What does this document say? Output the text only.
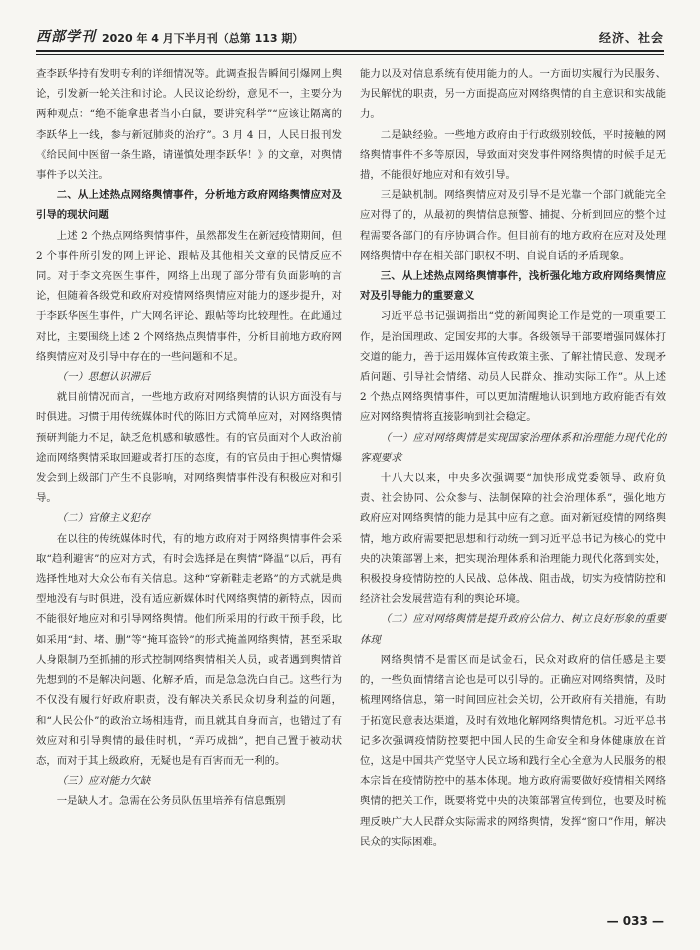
西部学刊 2020 年 4 月下半月刊（总第 113 期）	经济、社会

查李跃华持有发明专利的详细情况等。此调查报告瞬间引爆网上舆论，引发新一轮关注和讨论。人民议论纷纷，意见不一，主要分为两种观点：“绝不能拿患者当小白鼠，要讲究科学”“应该让隔离的李跃华上一线，参与新冠肺炎的治疗”。3 月 4 日，人民日报刊发《给民间中医留一条生路，请谨慎处理李跃华！》的文章，对舆情事件予以关注。

二、从上述热点网络舆情事件，分析地方政府网络舆情应对及引导的现状问题

上述 2 个热点网络舆情事件，虽然都发生在新冠疫情期间，但 2 个事件所引发的网上评论、跟帖及其他相关文章的民情反应不同。对于李文亮医生事件，网络上出现了部分带有负面影响的言论，但随着各级党和政府对疫情网络舆情应对能力的逐步提升，对于李跃华医生事件，广大网名评论、跟帖等均比较理性。在此通过对比，主要围绕上述 2 个网络热点舆情事件，分析目前地方政府网络舆情应对及引导中存在的一些问题和不足。

（一）思想认识滞后

就目前情况而言，一些地方政府对网络舆情的认识方面没有与时俱进。习惯于用传统媒体时代的陈旧方式简单应对，对网络舆情预研判能力不足，缺乏危机感和敏感性。有的官员面对个人政治前途而网络舆情采取回避或者打压的态度，有的官员由于担心舆情爆发会到上级部门产生不良影响，对网络舆情事件没有积极应对和引导。

（二）官僚主义犯存

在以往的传统媒体时代，有的地方政府对于网络舆情事件会采取“趋利避害”的应对方式，有时会选择是在舆情“降温”以后，再有选择性地对大众公布有关信息。这种“穿新鞋走老路”的方式就是典型地没有与时俱进，没有适应新媒体时代网络舆情的新特点，因而不能很好地应对和引导网络舆情。他们所采用的行政干预手段，比如采用“封、堵、删”等“掩耳盗铃”的形式掩盖网络舆情，甚至采取人身限制乃至抓捕的形式控制网络舆情相关人员，或者遇到舆情首先想到的不是解决问题、化解矛盾，而是急急洗白自己。这些行为不仅没有履行好政府职责，没有解决关系民众切身利益的问题，和“人民公仆”的政治立场相违背，而且就其自身而言，也错过了有效应对和引导舆情的最佳时机，“弄巧成拙”，把自己置于被动状态，而对于其上级政府，无疑也是有百害而无一利的。

（三）应对能力欠缺

一是缺人才。急需在公务员队伍里培养有信息甄别

能力以及对信息系统有使用能力的人。一方面切实履行为民服务、为民解忧的职责，另一方面提高应对网络舆情的自主意识和实战能力。

二是缺经验。一些地方政府由于行政级别较低，平时接触的网络舆情事件不多等原因，导致面对突发事件网络舆情的时候手足无措，不能很好地应对和有效引导。

三是缺机制。网络舆情应对及引导不是光靠一个部门就能完全应对得了的，从最初的舆情信息预警、捕捉、分析到回应的整个过程需要各部门的有序协调合作。但目前有的地方政府在应对及处理网络舆情中存在相关部门职权不明、自说自话的矛盾现象。

三、从上述热点网络舆情事件，浅析强化地方政府网络舆情应对及引导能力的重要意义

习近平总书记强调指出“党的新闻舆论工作是党的一项重要工作，是治国理政、定国安邦的大事。各级领导干部要增强同媒体打交道的能力，善于运用媒体宣传政策主张、了解社情民意、发现矛盾问题、引导社会情绪、动员人民群众、推动实际工作”。从上述 2 个热点网络舆情事件，可以更加清醒地认识到地方政府能否有效应对网络舆情将直接影响到社会稳定。

（一）应对网络舆情是实现国家治理体系和治理能力现代化的客观要求

十八大以来，中央多次强调要“加快形成党委领导、政府负责、社会协同、公众参与、法制保障的社会治理体系”，强化地方政府应对网络舆情的能力是其中应有之意。面对新冠疫情的网络舆情，地方政府需要把思想和行动统一到习近平总书记为核心的党中央的决策部署上来，把实现治理体系和治理能力现代化落到实处，积极投身疫情防控的人民战、总体战、阻击战，切实为疫情防控和经济社会发展营造有利的舆论环境。

（二）应对网络舆情是提升政府公信力、树立良好形象的重要体现

网络舆情不是雷区而是试金石，民众对政府的信任感是主要的，一些负面情绪言论也是可以引导的。正确应对网络舆情，及时梳理网络信息，第一时间回应社会关切，公开政府有关措施，有助于拓宽民意表达渠道，及时有效地化解网络舆情危机。习近平总书记多次强调疫情防控要把中国人民的生命安全和身体健康放在首位，这是中国共产党坚守人民立场和践行全心全意为人民服务的根本宗旨在疫情防控中的基本体现。地方政府需要做好疫情相关网络舆情的把关工作，既要将党中央的决策部署宣传到位，也要及时梳理反映广大人民群众实际需求的网络舆情，发挥“窗口”作用，解决民众的实际困难。

— 033 —
